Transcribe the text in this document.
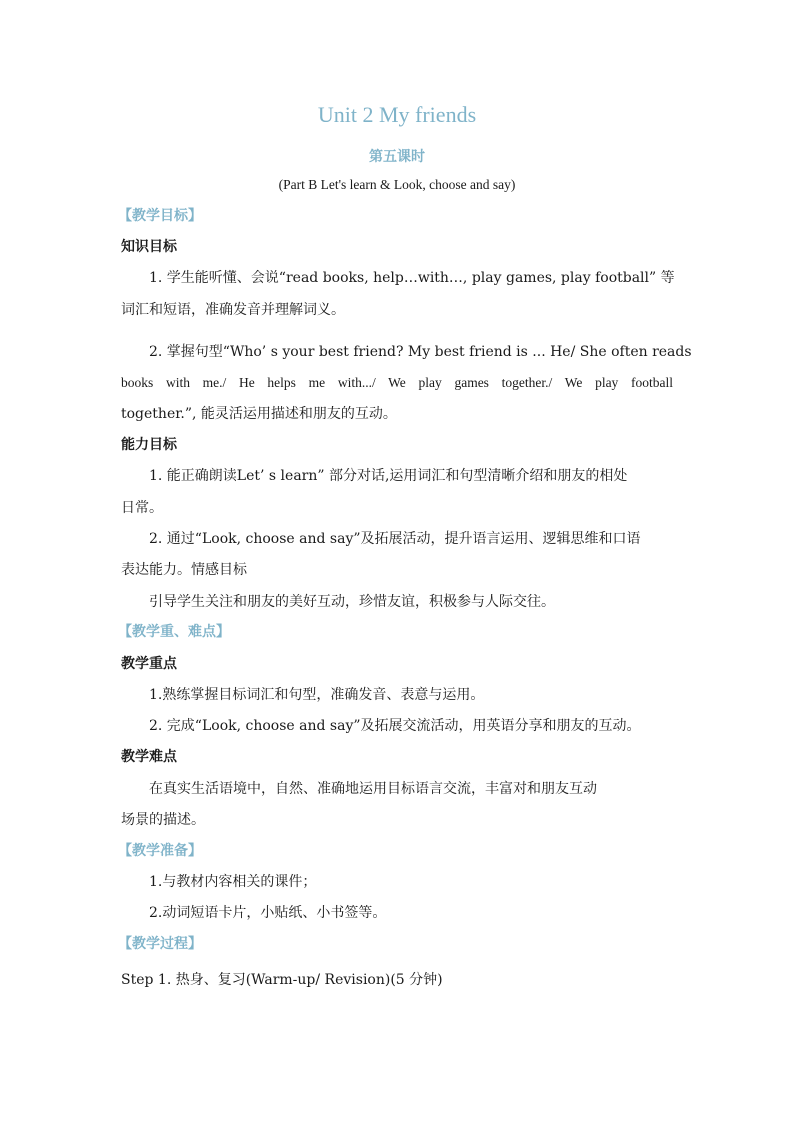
Unit 2 My friends
第五课时
(Part B Let's learn & Look, choose and say)
【教学目标】
知识目标
1. 学生能听懂、会说“read books, help…with…, play games, play football” 等
词汇和短语，准确发音并理解词义。
2. 掌握句型“Who’ s your best friend? My best friend is ... He/ She often reads
books with me./ He helps me with.../ We play games together./ We play football
together.”, 能灵活运用描述和朋友的互动。
能力目标
1. 能正确朗读Let’ s learn” 部分对话,运用词汇和句型清晰介绍和朋友的相处
日常。
2. 通过“Look, choose and say”及拓展活动，提升语言运用、逻辑思维和口语
表达能力。情感目标
引导学生关注和朋友的美好互动，珍惜友谊，积极参与人际交往。
【教学重、难点】
教学重点
1.熟练掌握目标词汇和句型，准确发音、表意与运用。
2. 完成“Look, choose and say”及拓展交流活动，用英语分享和朋友的互动。
教学难点
在真实生活语境中，自然、准确地运用目标语言交流，丰富对和朋友互动
场景的描述。
【教学准备】
1.与教材内容相关的课件；
2.动词短语卡片，小贴纸、小书签等。
【教学过程】
Step 1. 热身、复习(Warm-up/ Revision)(5 分钟)
